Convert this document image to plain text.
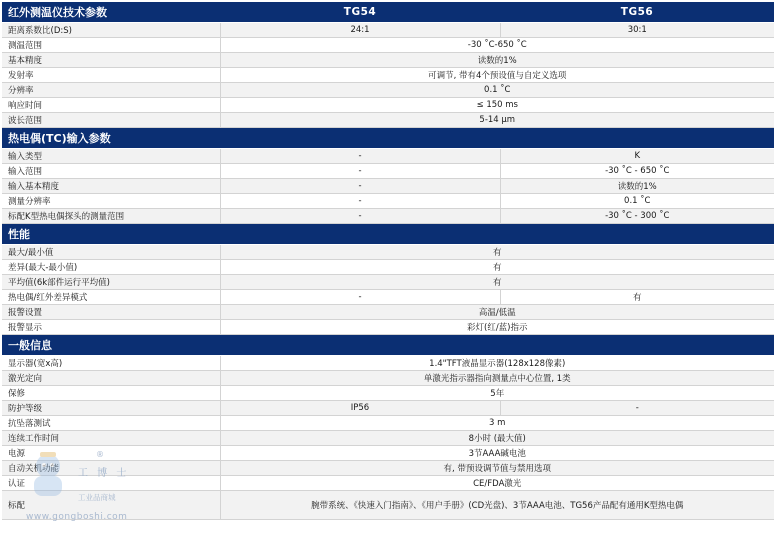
红外测温仪技术参数	TG54	TG56
距离系数比(D:S)	24:1	30:1
测温范围	-30 ˚C-650 ˚C	
基本精度	读数的1%	
发射率	可调节, 带有4个预设值与自定义选项	
分辨率	0.1 ˚C	
响应时间	≤ 150 ms	
波长范围	5-14 µm	
热电偶(TC)输入参数		
输入类型	-	K
输入范围	-	-30 ˚C - 650 ˚C
输入基本精度	-	读数的1%
测量分辨率	-	0.1 ˚C
标配K型热电偶探头的测量范围	-	-30 ˚C - 300 ˚C
性能		
最大/最小值	有	
差异(最大-最小值)	有	
平均值(6k部件运行平均值)	有	
热电偶/红外差异模式	-	有
报警设置	高温/低温	
报警显示	彩灯(红/蓝)指示	
一般信息		
显示器(宽x高)	1.4"TFT液晶显示器(128x128像素)	
激光定向	单激光指示器指向测量点中心位置, 1类	
保修	5年	
防护等级	IP56	-
抗坠落测试	3 m	
连续工作时间	8小时 (最大值)	
电源	3节AAA碱电池	
自动关机功能	有, 带预设调节值与禁用选项	
认证	CE/FDA激光	
标配	腕带系统、《快速入门指南》、《用户手册》(CD光盘)、3节AAA电池、TG56产品配有通用K型热电偶	
工 博 士
®
工业品商城
www.gongboshi.com
